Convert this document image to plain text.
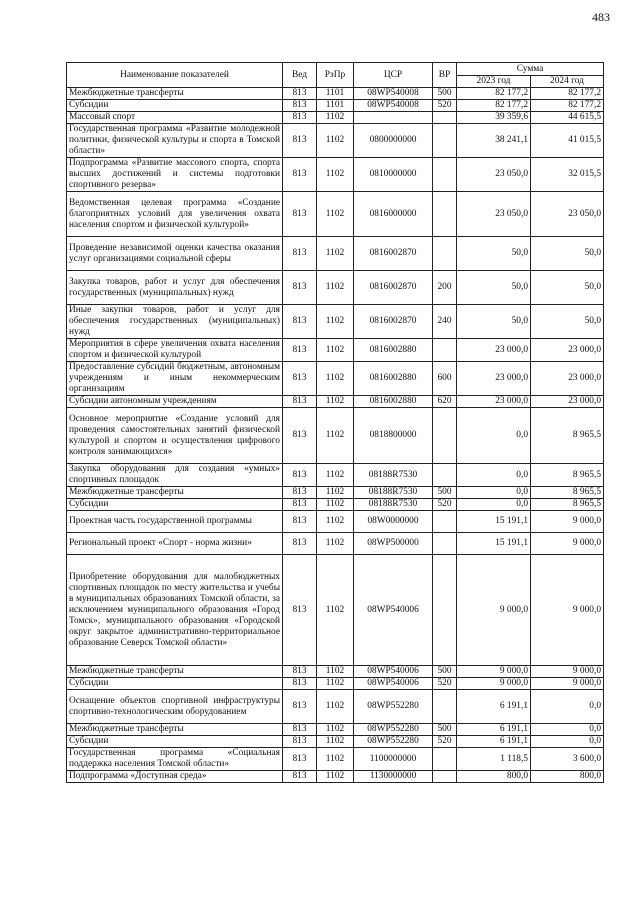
483
Наименование показателей	Вед	РзПр	ЦСР	ВР	Сумма	
					2023 год	2024 год
Межбюджетные трансферты	813	1101	08WP540008	500	82 177,2	82 177,2
Субсидии	813	1101	08WP540008	520	82 177,2	82 177,2
Массовый спорт	813	1102			39 359,6	44 615,5
Государственная программа «Развитие молодежной политики, физической культуры и спорта в Томской области»	813	1102	0800000000		38 241,1	41 015,5
Подпрограмма «Развитие массового спорта, спорта высших достижений и системы подготовки спортивного резерва»	813	1102	0810000000		23 050,0	32 015,5
Ведомственная целевая программа «Создание благоприятных условий для увеличения охвата населения спортом и физической культурой»	813	1102	0816000000		23 050,0	23 050,0
Проведение независимой оценки качества оказания услуг организациями социальной сферы	813	1102	0816002870		50,0	50,0
Закупка товаров, работ и услуг для обеспечения государственных (муниципальных) нужд	813	1102	0816002870	200	50,0	50,0
Иные закупки товаров, работ и услуг для обеспечения государственных (муниципальных) нужд	813	1102	0816002870	240	50,0	50,0
Мероприятия в сфере увеличения охвата населения спортом и физической культурой	813	1102	0816002880		23 000,0	23 000,0
Предоставление субсидий бюджетным, автономным учреждениям и иным некоммерческим организациям	813	1102	0816002880	600	23 000,0	23 000,0
Субсидии автономным учреждениям	813	1102	0816002880	620	23 000,0	23 000,0
Основное мероприятие «Создание условий для проведения самостоятельных занятий физической культурой и спортом и осуществления цифрового контроля занимающихся»	813	1102	0818800000		0,0	8 965,5
Закупка оборудования для создания «умных» спортивных площадок	813	1102	08188R7530		0,0	8 965,5
Межбюджетные трансферты	813	1102	08188R7530	500	0,0	8 965,5
Субсидии	813	1102	08188R7530	520	0,0	8 965,5
Проектная часть государственной программы	813	1102	08W0000000		15 191,1	9 000,0
Региональный проект «Спорт - норма жизни»	813	1102	08WP500000		15 191,1	9 000,0
Приобретение оборудования для малобюджетных спортивных площадок по месту жительства и учебы в муниципальных образованиях Томской области, за исключением муниципального образования «Город Томск», муниципального образования «Городской округ закрытое административно-территориальное образование Северск Томской области»	813	1102	08WP540006		9 000,0	9 000,0
Межбюджетные трансферты	813	1102	08WP540006	500	9 000,0	9 000,0
Субсидии	813	1102	08WP540006	520	9 000,0	9 000,0
Оснащение объектов спортивной инфраструктуры спортивно-технологическим оборудованием	813	1102	08WP552280		6 191,1	0,0
Межбюджетные трансферты	813	1102	08WP552280	500	6 191,1	0,0
Субсидии	813	1102	08WP552280	520	6 191,1	0,0
Государственная программа «Социальная поддержка населения Томской области»	813	1102	1100000000		1 118,5	3 600,0
Подпрограмма «Доступная среда»	813	1102	1130000000		800,0	800,0
